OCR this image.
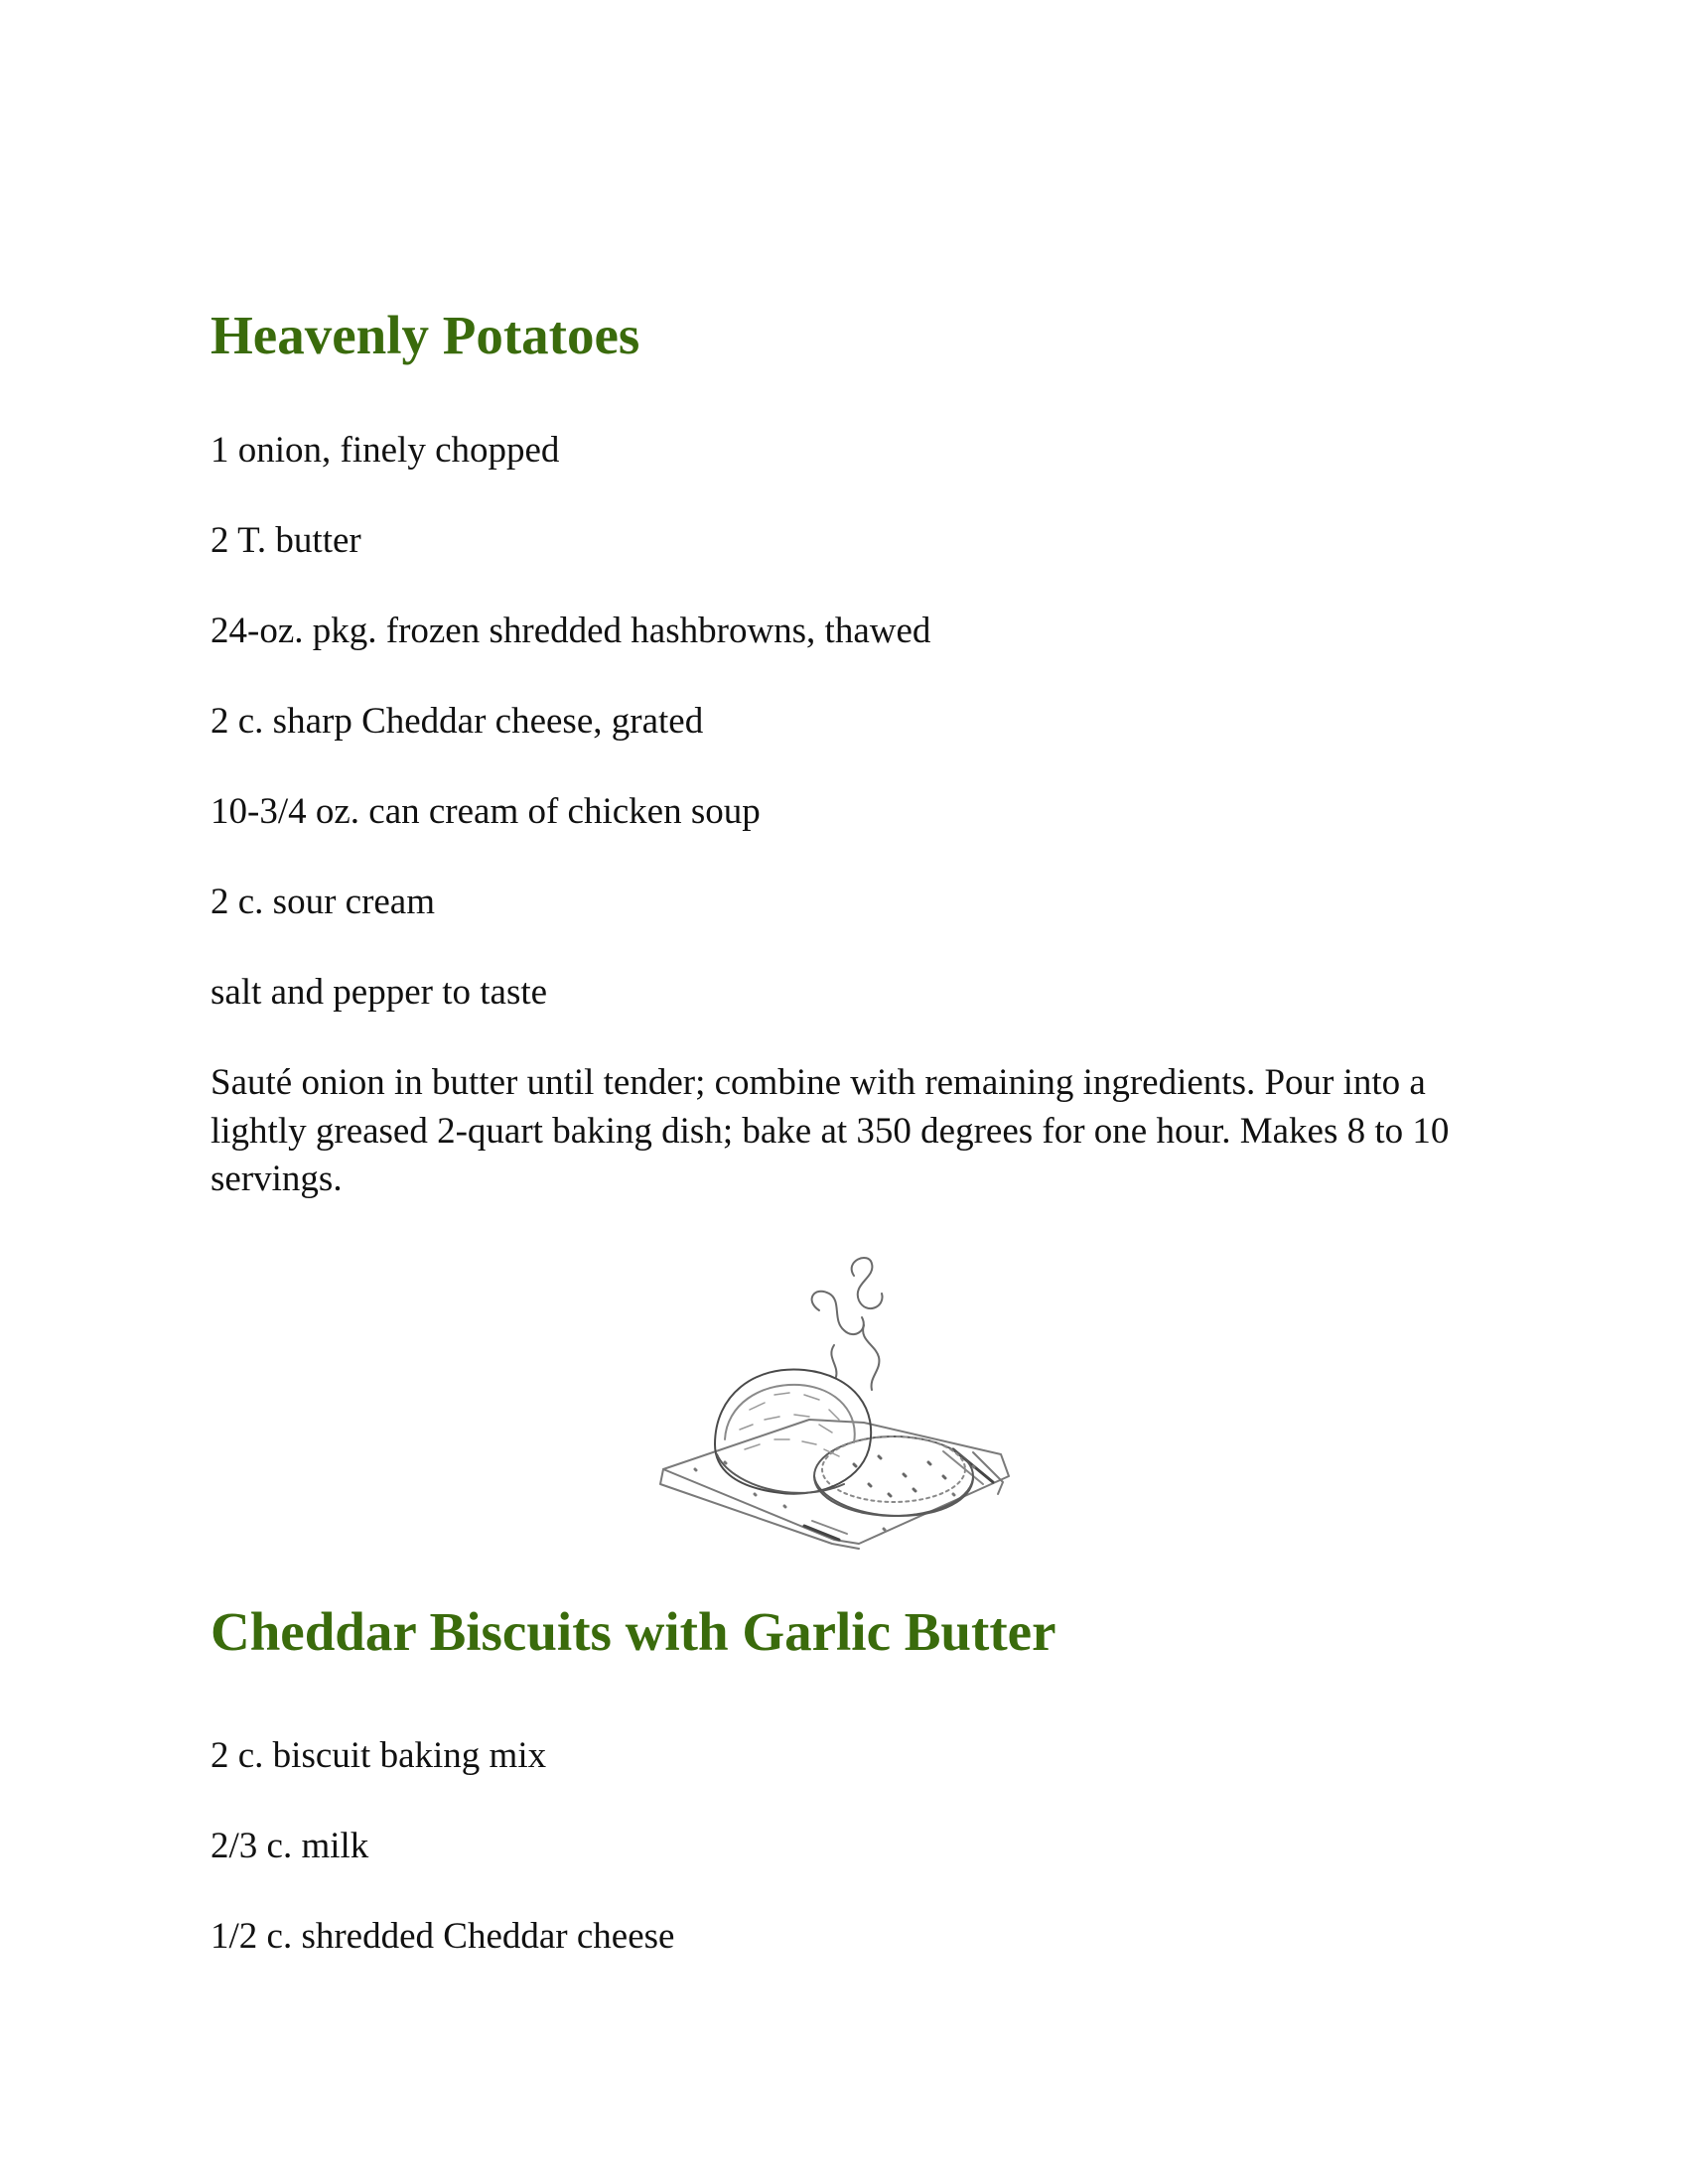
Heavenly Potatoes

1 onion, finely chopped

2 T. butter

24-oz. pkg. frozen shredded hashbrowns, thawed

2 c. sharp Cheddar cheese, grated

10-3/4 oz. can cream of chicken soup

2 c. sour cream

salt and pepper to taste

Sauté onion in butter until tender; combine with remaining ingredients. Pour into a lightly greased 2-quart baking dish; bake at 350 degrees for one hour. Makes 8 to 10 servings.

Cheddar Biscuits with Garlic Butter

2 c. biscuit baking mix

2/3 c. milk

1/2 c. shredded Cheddar cheese
